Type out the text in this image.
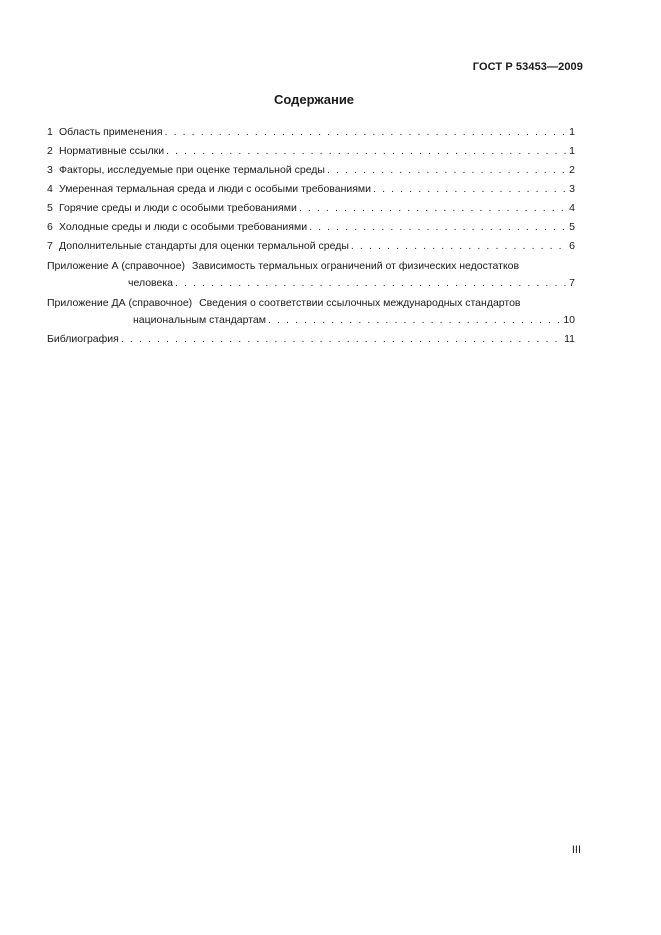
ГОСТ Р 53453—2009
Содержание
1 Область применения . . .	1
2 Нормативные ссылки . . .	1
3 Факторы, исследуемые при оценке термальной среды . . .	2
4 Умеренная термальная среда и люди с особыми требованиями . . .	3
5 Горячие среды и люди с особыми требованиями . . .	4
6 Холодные среды и люди с особыми требованиями . . .	5
7 Дополнительные стандарты для оценки термальной среды . . .	6
Приложение А (справочное) Зависимость термальных ограничений от физических недостатков
человека . . .	7
Приложение ДА (справочное) Сведения о соответствии ссылочных международных стандартов
национальным стандартам . . .	10
Библиография . . .	11
III
